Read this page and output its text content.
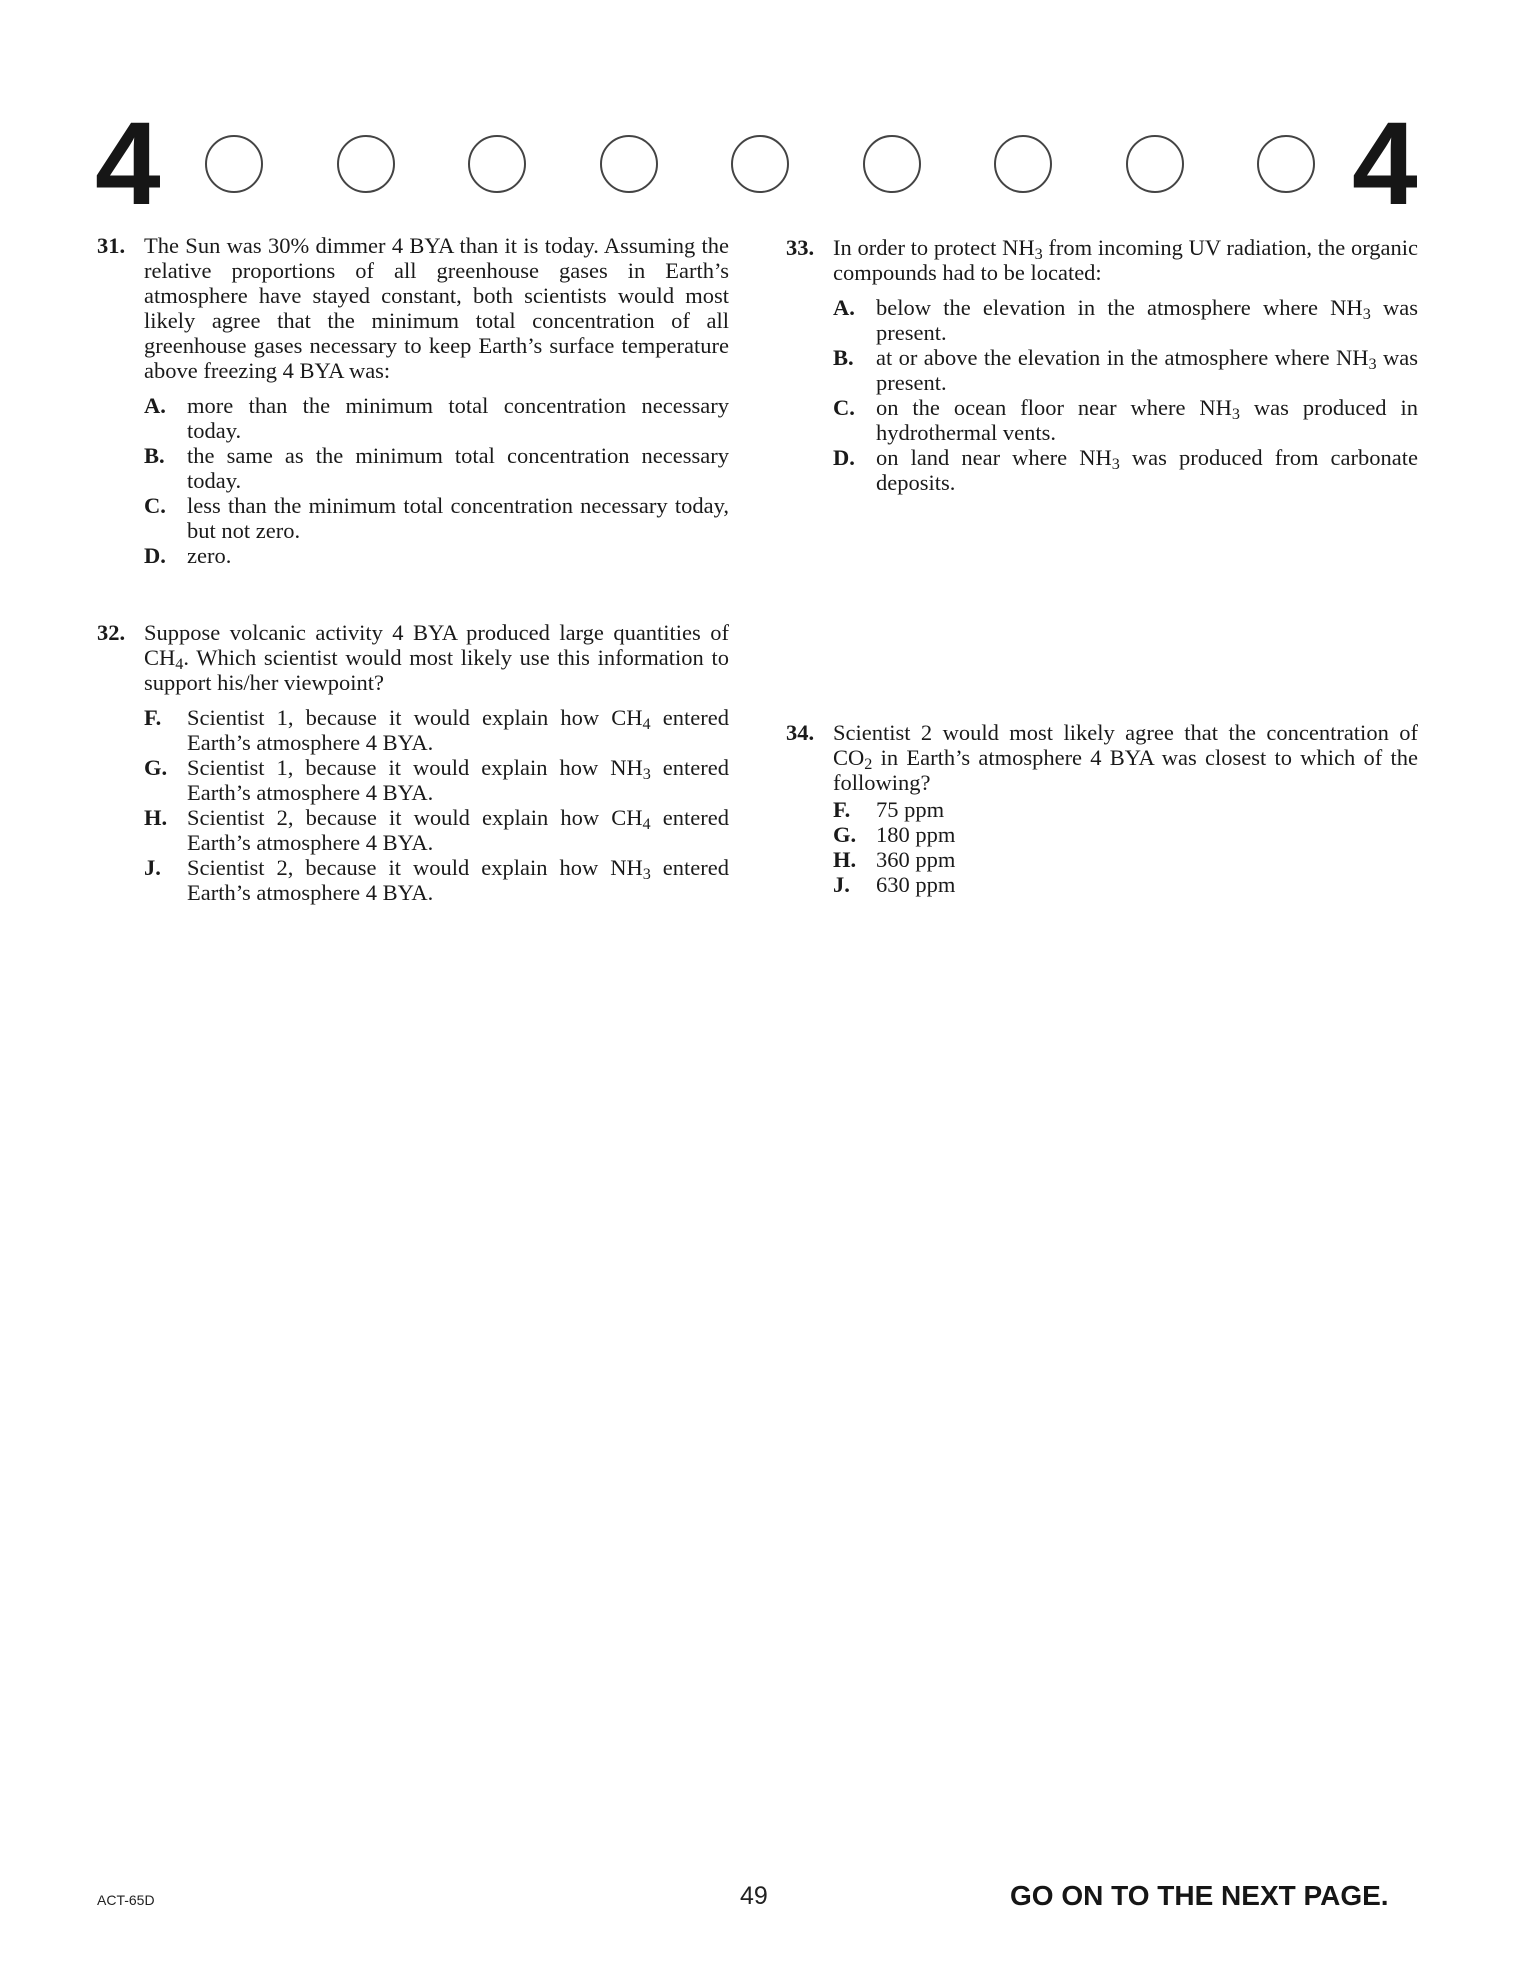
4	4
31. The Sun was 30% dimmer 4 BYA than it is today. Assuming the relative proportions of all greenhouse gases in Earth’s atmosphere have stayed constant, both scientists would most likely agree that the minimum total concentration of all greenhouse gases necessary to keep Earth’s surface temperature above freezing 4 BYA was:
A. more than the minimum total concentration necessary today.
B. the same as the minimum total concentration necessary today.
C. less than the minimum total concentration necessary today, but not zero.
D. zero.
32. Suppose volcanic activity 4 BYA produced large quantities of $CH_4$. Which scientist would most likely use this information to support his/her viewpoint?
F. Scientist 1, because it would explain how $CH_4$ entered Earth’s atmosphere 4 BYA.
G. Scientist 1, because it would explain how $NH_3$ entered Earth’s atmosphere 4 BYA.
H. Scientist 2, because it would explain how $CH_4$ entered Earth’s atmosphere 4 BYA.
J. Scientist 2, because it would explain how $NH_3$ entered Earth’s atmosphere 4 BYA.
33. In order to protect $NH_3$ from incoming UV radiation, the organic compounds had to be located:
A. below the elevation in the atmosphere where $NH_3$ was present.
B. at or above the elevation in the atmosphere where $NH_3$ was present.
C. on the ocean floor near where $NH_3$ was produced in hydrothermal vents.
D. on land near where $NH_3$ was produced from carbonate deposits.
34. Scientist 2 would most likely agree that the concentration of $CO_2$ in Earth’s atmosphere 4 BYA was closest to which of the following?
F. 75 ppm
G. 180 ppm
H. 360 ppm
J. 630 ppm
ACT-65D	49	GO ON TO THE NEXT PAGE.
